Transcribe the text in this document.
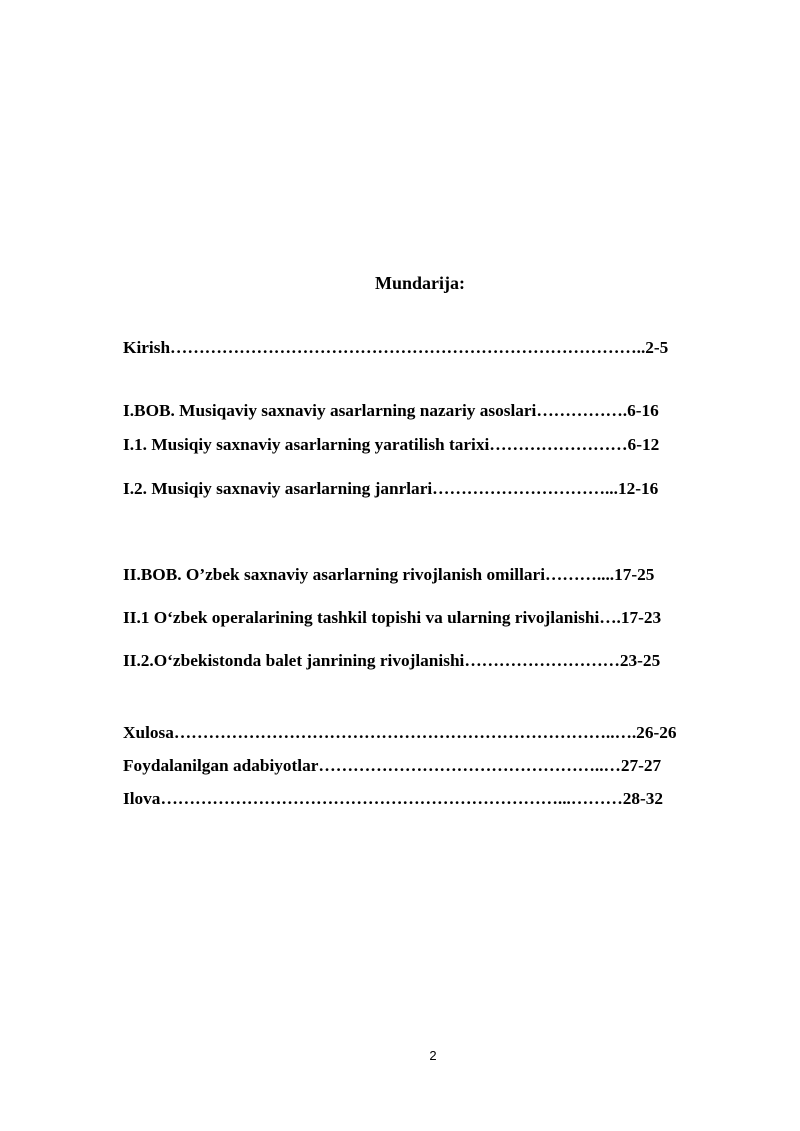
Mundarija:
Kirish………………………………………………………………………..2-5
I.BOB. Musiqaviy saxnaviy asarlarning nazariy asoslari…………….6-16
I.1. Musiqiy saxnaviy asarlarning yaratilish tarixi……………………6-12
I.2. Musiqiy saxnaviy asarlarning janrlari…………………………...12-16
II.BOB. O’zbek saxnaviy asarlarning rivojlanish omillari………....17-25
II.1 O‘zbek operalarining tashkil topishi va ularning rivojlanishi….17-23
II.2.O‘zbekistonda balet janrining rivojlanishi………………………23-25
Xulosa…………………………………………………………………..….26-26
Foydalanilgan adabiyotlar…………………………………………..…27-27
Ilova……………………………………………………………...………28-32
2
